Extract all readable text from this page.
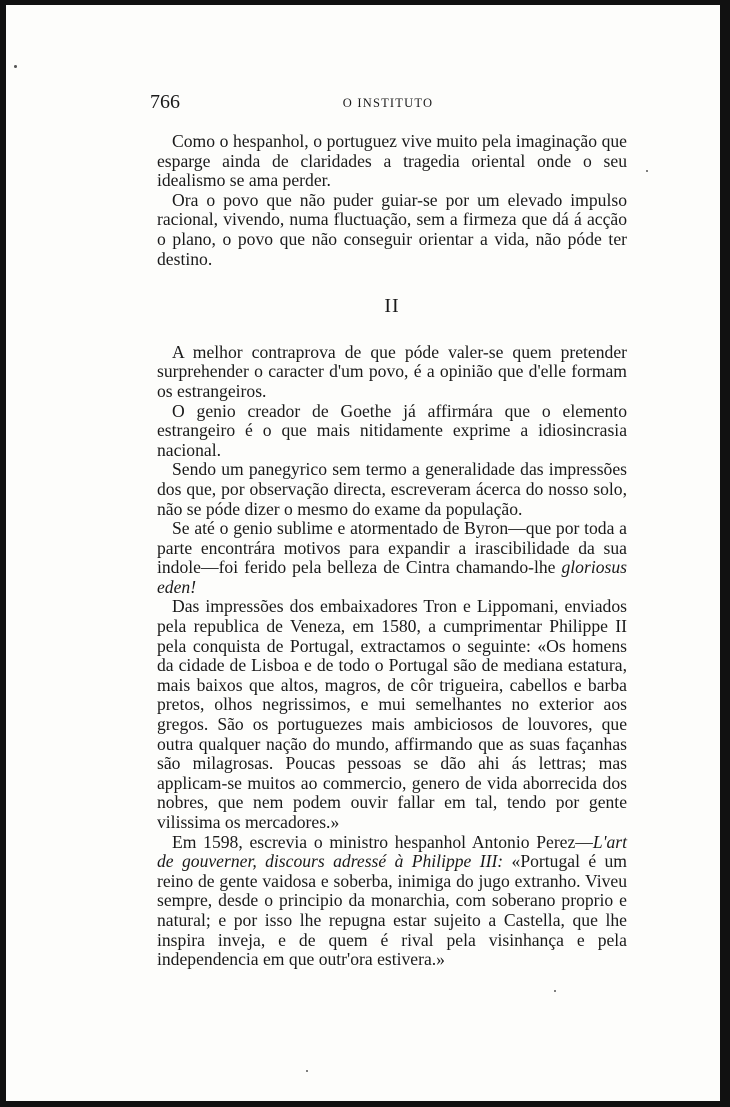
766	O INSTITUTO

Como o hespanhol, o portuguez vive muito pela imaginação que esparge ainda de claridades a tragedia oriental onde o seu idealismo se ama perder.

Ora o povo que não puder guiar-se por um elevado impulso racional, vivendo, numa fluctuação, sem a firmeza que dá á acção o plano, o povo que não conseguir orientar a vida, não póde ter destino.

II

A melhor contraprova de que póde valer-se quem pretender surprehender o caracter d'um povo, é a opinião que d'elle formam os estrangeiros.

O genio creador de Goethe já affirmára que o elemento estrangeiro é o que mais nitidamente exprime a idiosincrasia nacional.

Sendo um panegyrico sem termo a generalidade das impressões dos que, por observação directa, escreveram ácerca do nosso solo, não se póde dizer o mesmo do exame da população.

Se até o genio sublime e atormentado de Byron—que por toda a parte encontrára motivos para expandir a irascibilidade da sua indole—foi ferido pela belleza de Cintra chamando-lhe gloriosus eden!

Das impressões dos embaixadores Tron e Lippomani, enviados pela republica de Veneza, em 1580, a cumprimentar Philippe II pela conquista de Portugal, extractamos o seguinte: «Os homens da cidade de Lisboa e de todo o Portugal são de mediana estatura, mais baixos que altos, magros, de côr trigueira, cabellos e barba pretos, olhos negrissimos, e mui semelhantes no exterior aos gregos. São os portuguezes mais ambiciosos de louvores, que outra qualquer nação do mundo, affirmando que as suas façanhas são milagrosas. Poucas pessoas se dão ahi ás lettras; mas applicam-se muitos ao commercio, genero de vida aborrecida dos nobres, que nem podem ouvir fallar em tal, tendo por gente vilissima os mercadores.»

Em 1598, escrevia o ministro hespanhol Antonio Perez—L'art de gouverner, discours adressé à Philippe III: «Portugal é um reino de gente vaidosa e soberba, inimiga do jugo extranho. Viveu sempre, desde o principio da monarchia, com soberano proprio e natural; e por isso lhe repugna estar sujeito a Castella, que lhe inspira inveja, e de quem é rival pela visinhança e pela independencia em que outr'ora estivera.»
